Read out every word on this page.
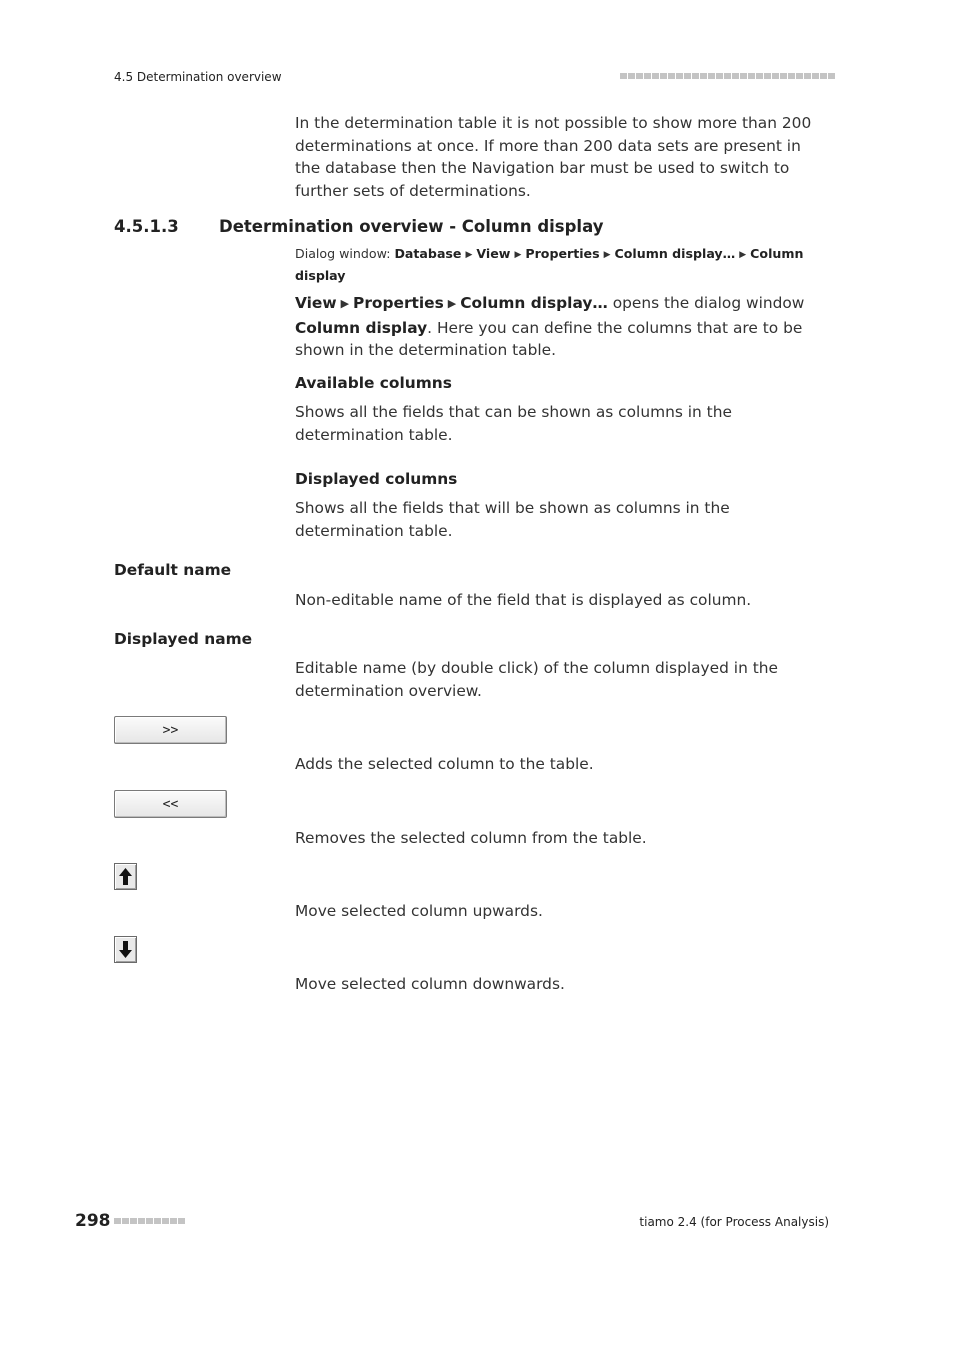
4.5 Determination overview
In the determination table it is not possible to show more than 200 determinations at once. If more than 200 data sets are present in the database then the Navigation bar must be used to switch to further sets of determinations.
4.5.1.3 Determination overview - Column display
Dialog window: Database ▶ View ▶ Properties ▶ Column display… ▶ Column display
View ▶ Properties ▶ Column display… opens the dialog window Column display. Here you can define the columns that are to be shown in the determination table.
Available columns
Shows all the fields that can be shown as columns in the determination table.
Displayed columns
Shows all the fields that will be shown as columns in the determination table.
Default name
Non-editable name of the field that is displayed as column.
Displayed name
Editable name (by double click) of the column displayed in the determination overview.
>>
Adds the selected column to the table.
<<
Removes the selected column from the table.
Move selected column upwards.
Move selected column downwards.
298	tiamo 2.4 (for Process Analysis)
